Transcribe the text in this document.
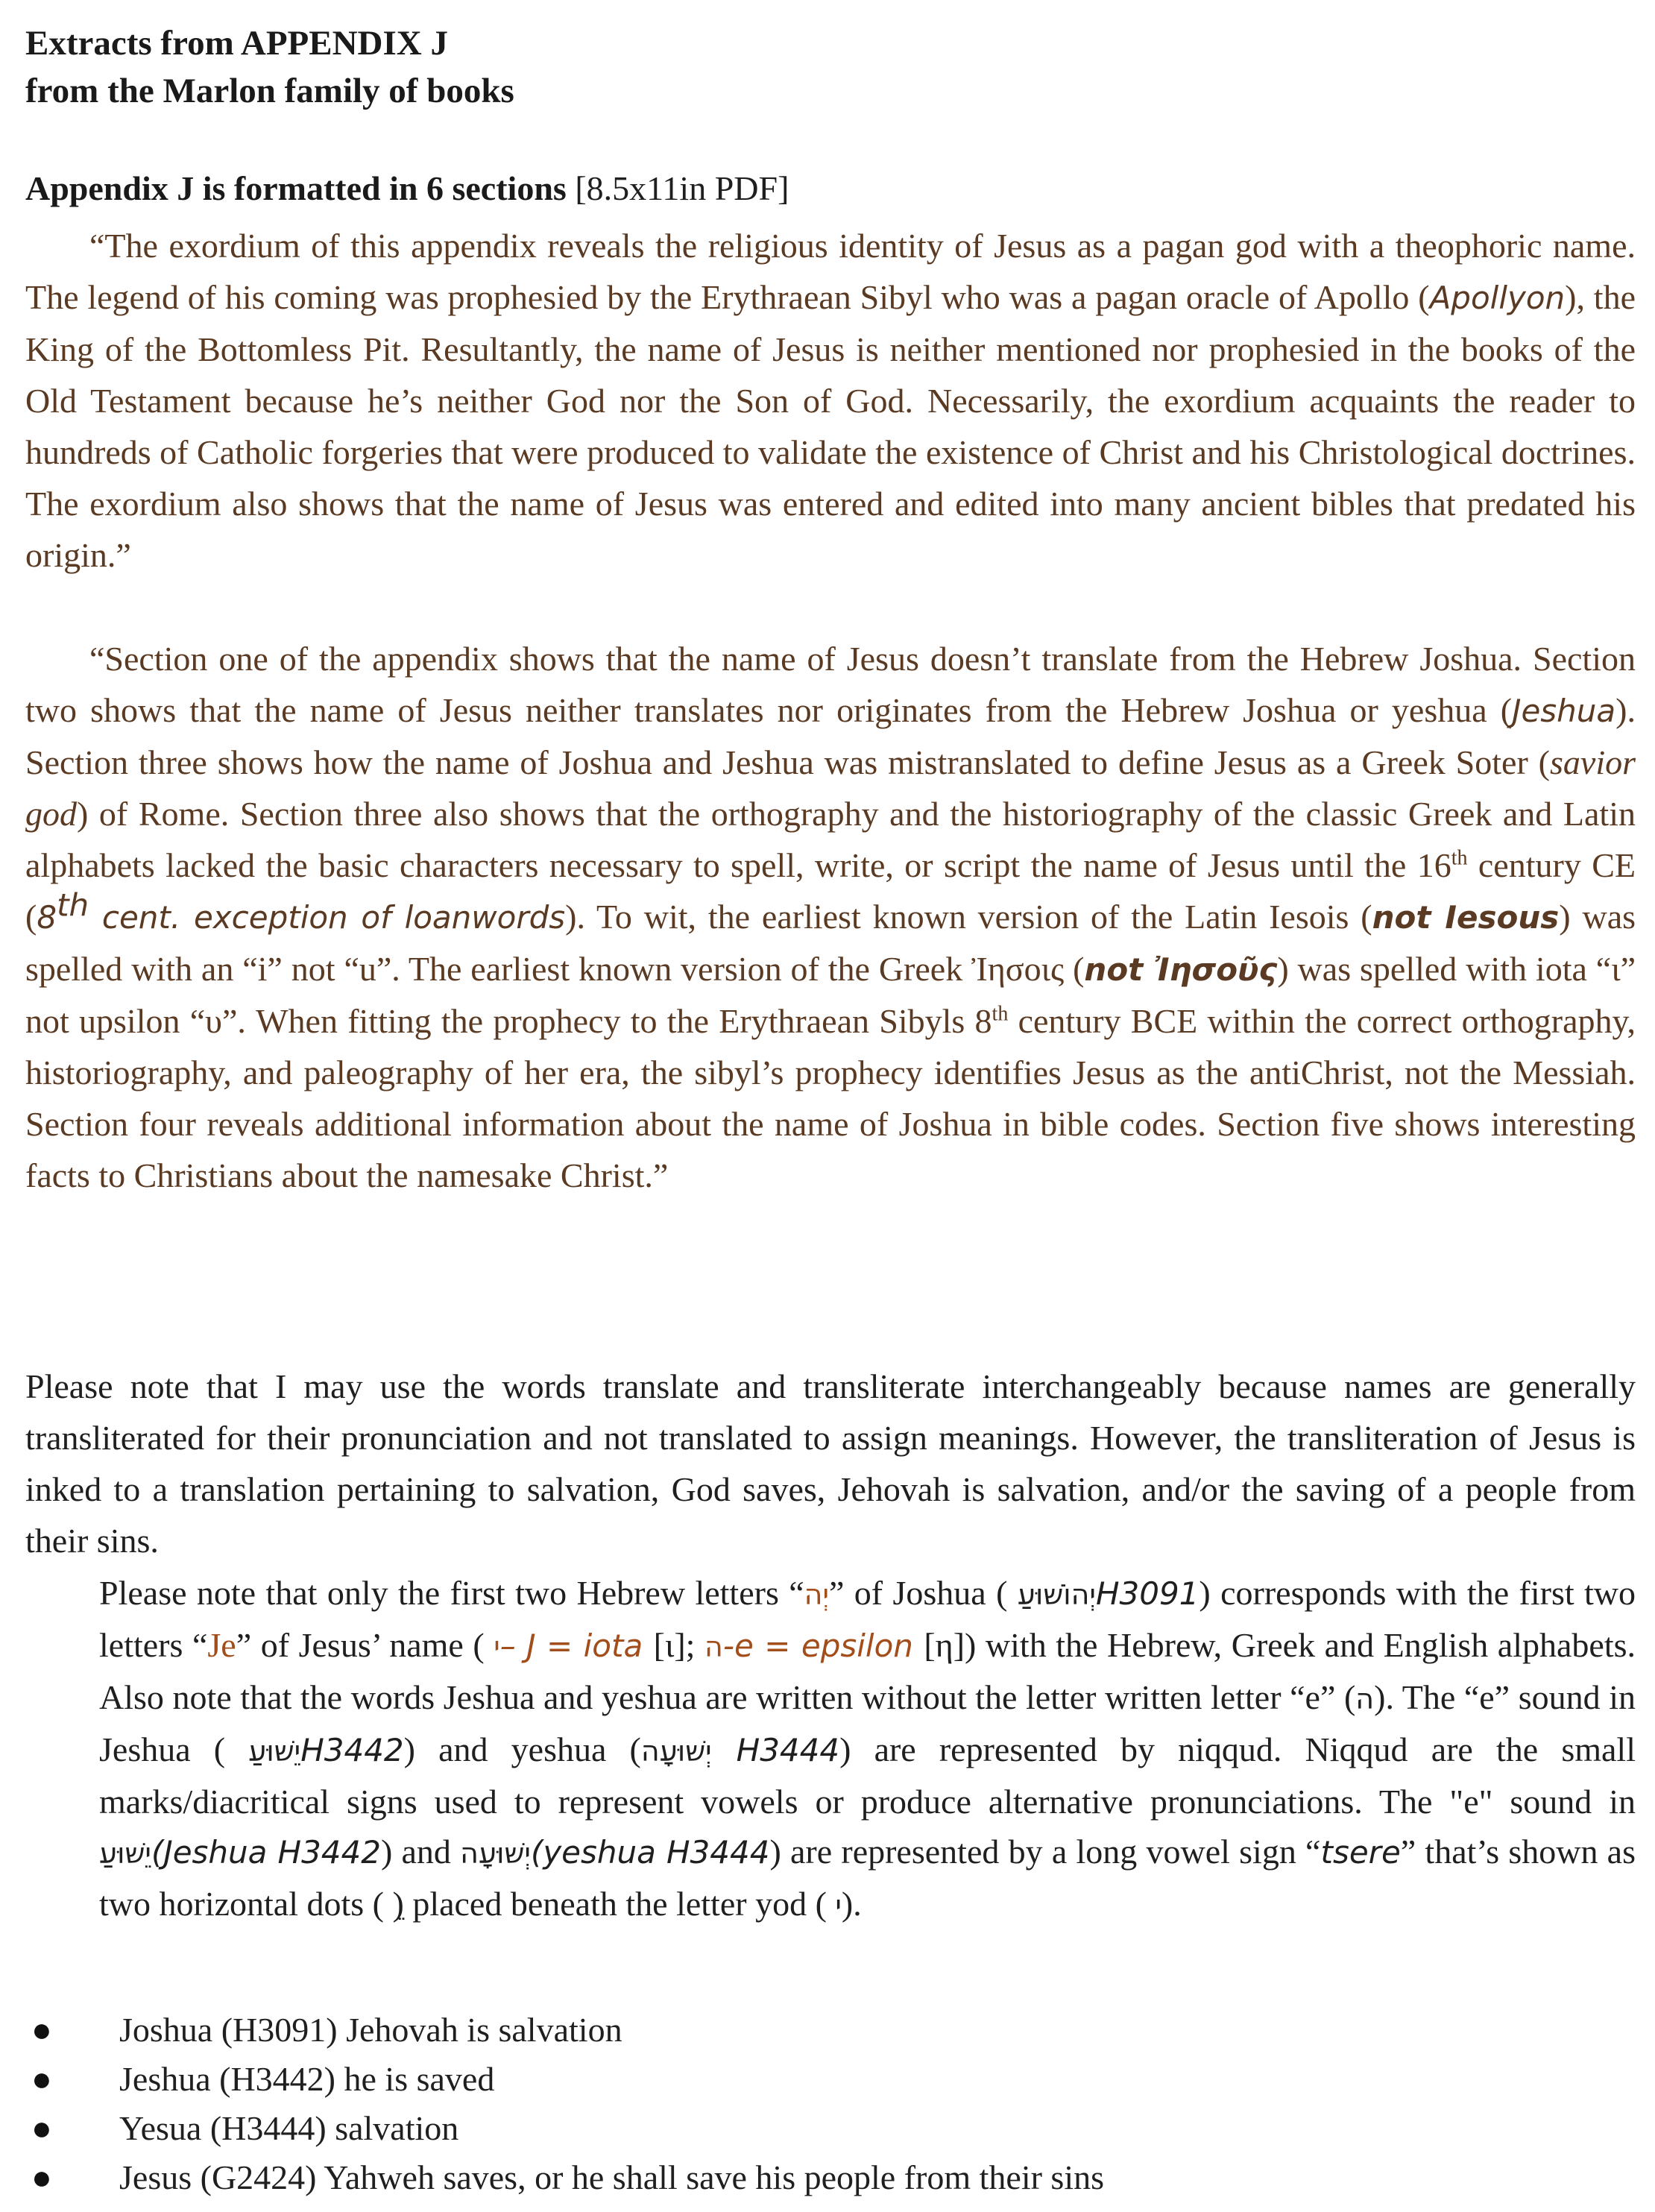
Extracts from APPENDIX J
from the Marlon family of books
Appendix J is formatted in 6 sections [8.5x11in PDF]

“The exordium of this appendix reveals the religious identity of Jesus as a pagan god with a theophoric name. The legend of his coming was prophesied by the Erythraean Sibyl who was a pagan oracle of Apollo (Apollyon), the King of the Bottomless Pit. Resultantly, the name of Jesus is neither mentioned nor prophesied in the books of the Old Testament because he’s neither God nor the Son of God. Necessarily, the exordium acquaints the reader to hundreds of Catholic forgeries that were produced to validate the existence of Christ and his Christological doctrines. The exordium also shows that the name of Jesus was entered and edited into many ancient bibles that predated his origin.”

“Section one of the appendix shows that the name of Jesus doesn’t translate from the Hebrew Joshua. Section two shows that the name of Jesus neither translates nor originates from the Hebrew Joshua or yeshua (Jeshua). Section three shows how the name of Joshua and Jeshua was mistranslated to define Jesus as a Greek Soter (savior god) of Rome. Section three also shows that the orthography and the historiography of the classic Greek and Latin alphabets lacked the basic characters necessary to spell, write, or script the name of Jesus until the 16th century CE (8th cent. exception of loanwords). To wit, the earliest known version of the Latin Iesois (not Iesous) was spelled with an “i” not “u”. The earliest known version of the Greek Ἰησοις (not Ἰησοῦς) was spelled with iota “ι” not upsilon “υ”. When fitting the prophecy to the Erythraean Sibyls 8th century BCE within the correct orthography, historiography, and paleography of her era, the sibyl’s prophecy identifies Jesus as the antiChrist, not the Messiah. Section four reveals additional information about the name of Joshua in bible codes. Section five shows interesting facts to Christians about the namesake Christ.”

Please note that I may use the words translate and transliterate interchangeably because names are generally transliterated for their pronunciation and not translated to assign meanings. However, the transliteration of Jesus is inked to a translation pertaining to salvation, God saves, Jehovah is salvation, and/or the saving of a people from their sins.

Please note that only the first two Hebrew letters “יְה” of Joshua ( יְהוֹשׁוּעַH3091) corresponds with the first two letters “Je” of Jesus’ name ( י– J = iota [ι]; ה-e = epsilon [η]) with the Hebrew, Greek and English alphabets. Also note that the words Jeshua and yeshua are written without the letter written letter “e” (ה). The “e” sound in Jeshua ( יֵשׁוּעַH3442) and yeshua (יְשׁוּעָה H3444) are represented by niqqud. Niqqud are the small marks/diacritical signs used to represent vowels or produce alternative pronunciations. The "e" sound in יֵשׁוּעַ(Jeshua H3442) and יְשׁוּעָה(yeshua H3444) are represented by a long vowel sign “tsere” that’s shown as two horizontal dots ( ) placed beneath the letter yod ( י).

● Joshua (H3091) Jehovah is salvation
● Jeshua (H3442) he is saved
● Yesua (H3444) salvation
● Jesus (G2424) Yahweh saves, or he shall save his people from their sins
